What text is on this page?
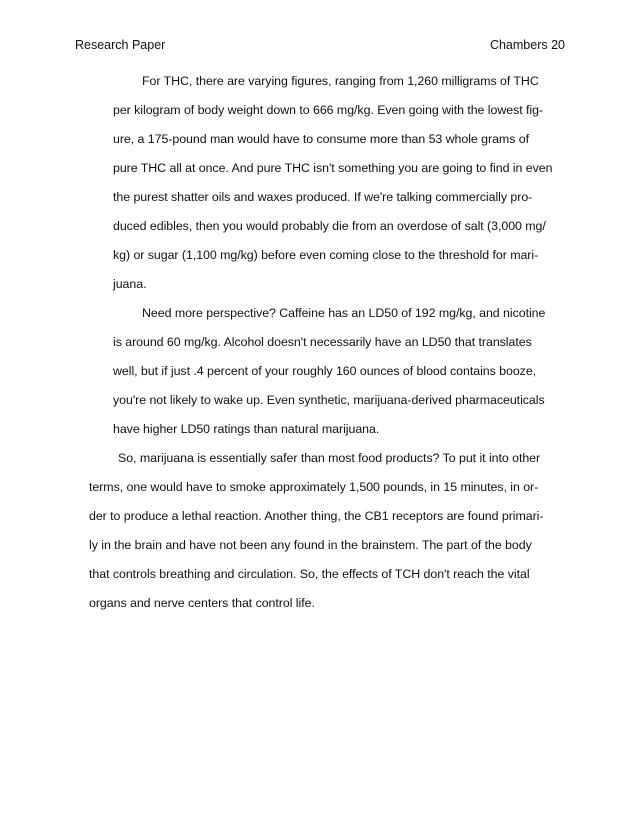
Research Paper	Chambers 20
For THC, there are varying figures, ranging from 1,260 milligrams of THC
per kilogram of body weight down to 666 mg/kg. Even going with the lowest fig-
ure, a 175-pound man would have to consume more than 53 whole grams of
pure THC all at once. And pure THC isn't something you are going to find in even
the purest shatter oils and waxes produced. If we're talking commercially pro-
duced edibles, then you would probably die from an overdose of salt (3,000 mg/
kg) or sugar (1,100 mg/kg) before even coming close to the threshold for mari-
juana.
Need more perspective? Caffeine has an LD50 of 192 mg/kg, and nicotine
is around 60 mg/kg. Alcohol doesn't necessarily have an LD50 that translates
well, but if just .4 percent of your roughly 160 ounces of blood contains booze,
you're not likely to wake up. Even synthetic, marijuana-derived pharmaceuticals
have higher LD50 ratings than natural marijuana.
So, marijuana is essentially safer than most food products? To put it into other
terms, one would have to smoke approximately 1,500 pounds, in 15 minutes, in or-
der to produce a lethal reaction. Another thing, the CB1 receptors are found primari-
ly in the brain and have not been any found in the brainstem. The part of the body
that controls breathing and circulation. So, the effects of TCH don't reach the vital
organs and nerve centers that control life.
